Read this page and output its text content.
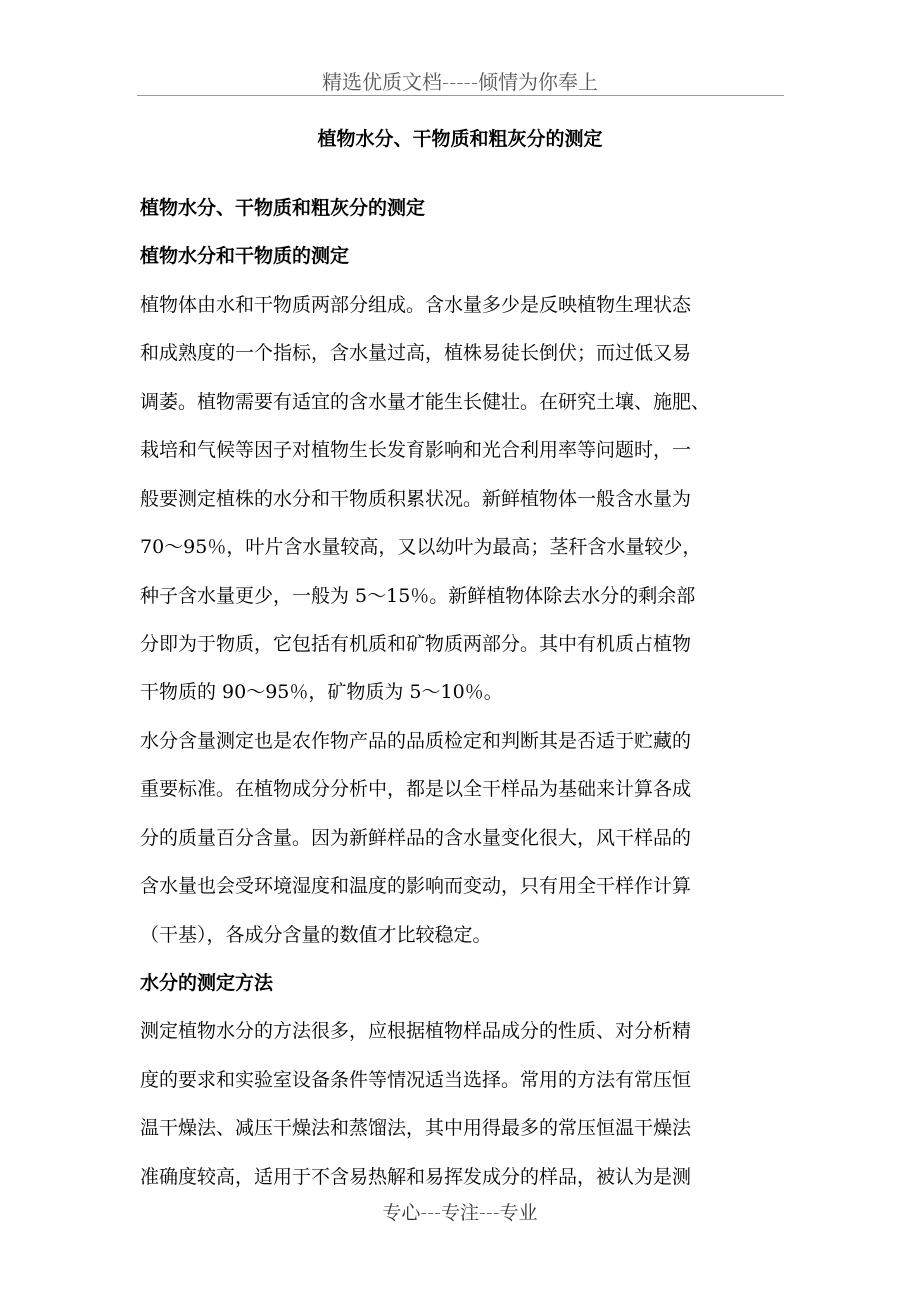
精选优质文档-----倾情为你奉上
植物水分、干物质和粗灰分的测定
植物水分、干物质和粗灰分的测定
植物水分和干物质的测定
植物体由水和干物质两部分组成。含水量多少是反映植物生理状态
和成熟度的一个指标，含水量过高，植株易徒长倒伏；而过低又易
调萎。植物需要有适宜的含水量才能生长健壮。在研究土壤、施肥、
栽培和气候等因子对植物生长发育影响和光合利用率等问题时，一
般要测定植株的水分和干物质积累状况。新鲜植物体一般含水量为
70～95％，叶片含水量较高，又以幼叶为最高；茎秆含水量较少，
种子含水量更少，一般为 5～15％。新鲜植物体除去水分的剩余部
分即为于物质，它包括有机质和矿物质两部分。其中有机质占植物
干物质的 90～95％，矿物质为 5～10％。
水分含量测定也是农作物产品的品质检定和判断其是否适于贮藏的
重要标准。在植物成分分析中，都是以全干样品为基础来计算各成
分的质量百分含量。因为新鲜样品的含水量变化很大，风干样品的
含水量也会受环境湿度和温度的影响而变动，只有用全干样作计算
（干基），各成分含量的数值才比较稳定。
水分的测定方法
测定植物水分的方法很多，应根据植物样品成分的性质、对分析精
度的要求和实验室设备条件等情况适当选择。常用的方法有常压恒
温干燥法、减压干燥法和蒸馏法，其中用得最多的常压恒温干燥法
准确度较高，适用于不含易热解和易挥发成分的样品，被认为是测
专心---专注---专业
